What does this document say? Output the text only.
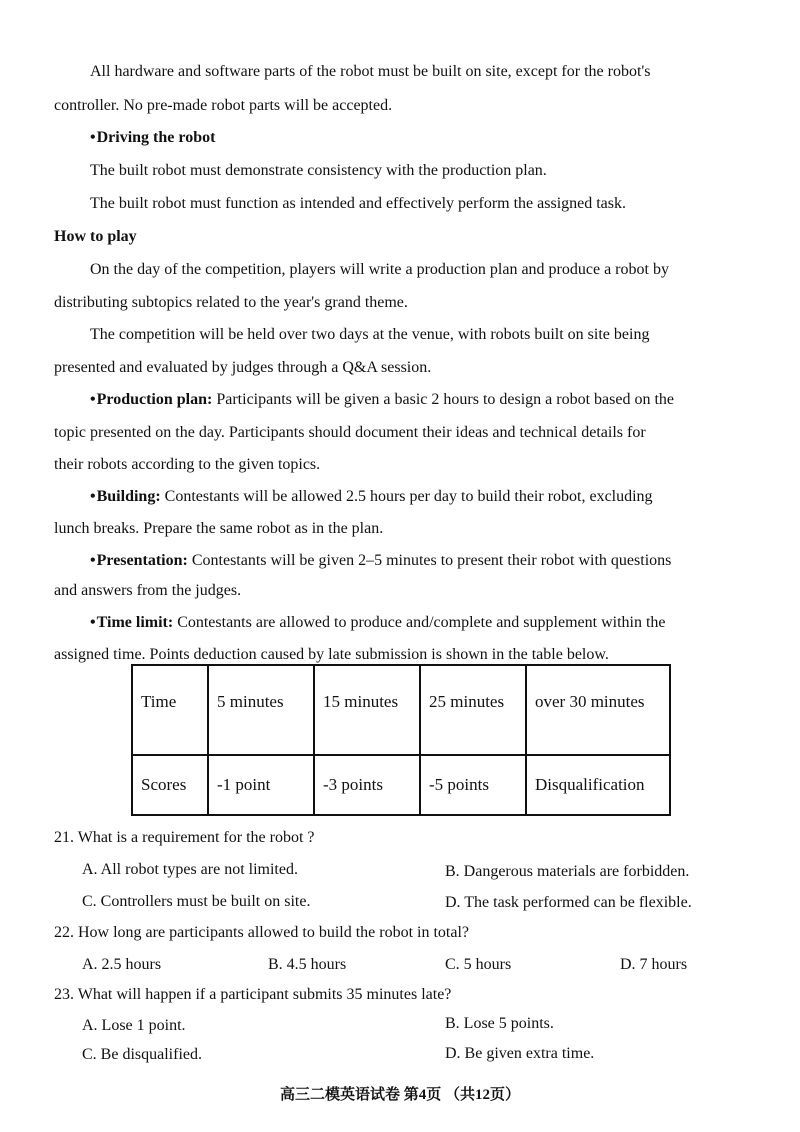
All hardware and software parts of the robot must be built on site, except for the robot's
controller. No pre-made robot parts will be accepted.
• Driving the robot
The built robot must demonstrate consistency with the production plan.
The built robot must function as intended and effectively perform the assigned task.
How to play
On the day of the competition, players will write a production plan and produce a robot by
distributing subtopics related to the year's grand theme.
The competition will be held over two days at the venue, with robots built on site being
presented and evaluated by judges through a Q&A session.
• Production plan: Participants will be given a basic 2 hours to design a robot based on the
topic presented on the day. Participants should document their ideas and technical details for
their robots according to the given topics.
• Building: Contestants will be allowed 2.5 hours per day to build their robot, excluding
lunch breaks. Prepare the same robot as in the plan.
• Presentation: Contestants will be given 2–5 minutes to present their robot with questions
and answers from the judges.
• Time limit: Contestants are allowed to produce and/complete and supplement within the
assigned time. Points deduction caused by late submission is shown in the table below.
Time	5 minutes	15 minutes	25 minutes	over 30 minutes

Scores	-1 point	-3 points	-5 points	Disqualification
21. What is a requirement for the robot ?
A. All robot types are not limited.	B. Dangerous materials are forbidden.
C. Controllers must be built on site.	D. The task performed can be flexible.
22. How long are participants allowed to build the robot in total?
A. 2.5 hours	B. 4.5 hours	C. 5 hours	D. 7 hours
23. What will happen if a participant submits 35 minutes late?
A. Lose 1 point.	B. Lose 5 points.
C. Be disqualified.	D. Be given extra time.
高三二模英语试卷 第4页 （共12页）
